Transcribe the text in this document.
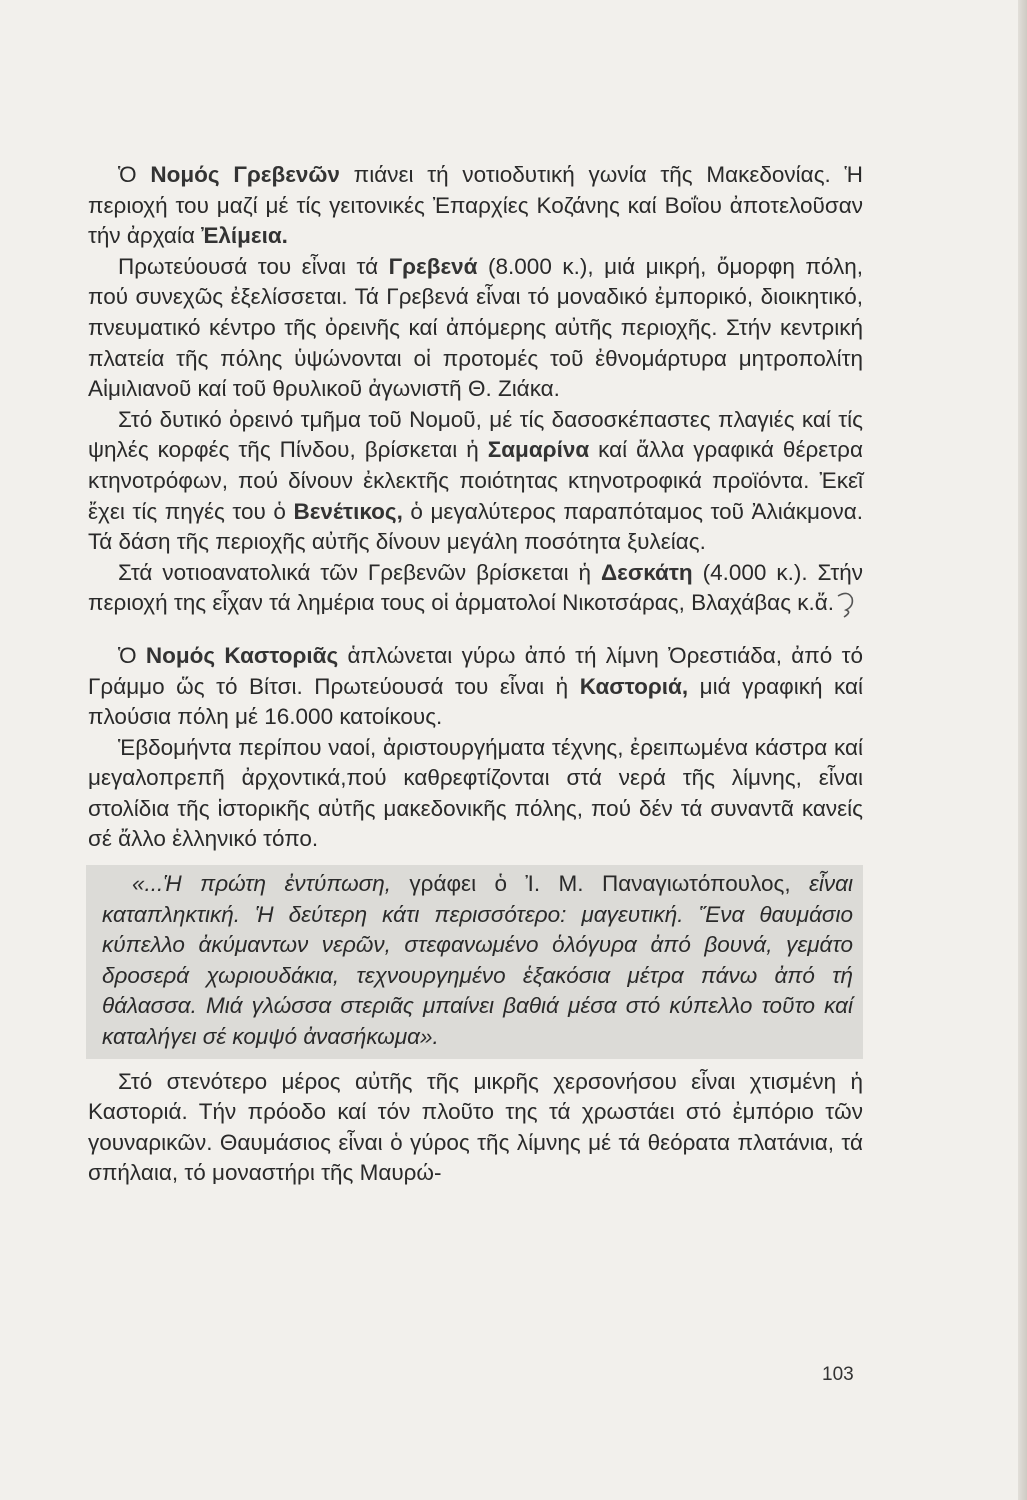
Ὁ Νομός Γρεβενῶν πιάνει τή νοτιοδυτική γωνία τῆς Μακεδονίας. Ἡ περιοχή του μαζί μέ τίς γειτονικές Ἐπαρχίες Κοζάνης καί Βοΐου ἀποτελοῦσαν τήν ἀρχαία Ἐλίμεια.

Πρωτεύουσά του εἶναι τά Γρεβενά (8.000 κ.), μιά μικρή, ὄμορφη πόλη, πού συνεχῶς ἐξελίσσεται. Τά Γρεβενά εἶναι τό μοναδικό ἐμπορικό, διοικητικό, πνευματικό κέντρο τῆς ὀρεινῆς καί ἀπόμερης αὐτῆς περιοχῆς. Στήν κεντρική πλατεία τῆς πόλης ὑψώνονται οἱ προτομές τοῦ ἐθνομάρτυρα μητροπολίτη Αἰμιλιανοῦ καί τοῦ θρυλικοῦ ἀγωνιστῆ Θ. Ζιάκα.

Στό δυτικό ὀρεινό τμῆμα τοῦ Νομοῦ, μέ τίς δασοσκέπαστες πλαγιές καί τίς ψηλές κορφές τῆς Πίνδου, βρίσκεται ἡ Σαμαρίνα καί ἄλλα γραφικά θέρετρα κτηνοτρόφων, πού δίνουν ἐκλεκτῆς ποιότητας κτηνοτροφικά προϊόντα. Ἐκεῖ ἔχει τίς πηγές του ὁ Βενέτικος, ὁ μεγαλύτερος παραπόταμος τοῦ Ἀλιάκμονα. Τά δάση τῆς περιοχῆς αὐτῆς δίνουν μεγάλη ποσότητα ξυλείας.

Στά νοτιοανατολικά τῶν Γρεβενῶν βρίσκεται ἡ Δεσκάτη (4.000 κ.). Στήν περιοχή της εἶχαν τά λημέρια τους οἱ ἁρματολοί Νικοτσάρας, Βλαχάβας κ.ἄ.

Ὁ Νομός Καστοριᾶς ἁπλώνεται γύρω ἀπό τή λίμνη Ὀρεστιάδα, ἀπό τό Γράμμο ὥς τό Βίτσι. Πρωτεύουσά του εἶναι ἡ Καστοριά, μιά γραφική καί πλούσια πόλη μέ 16.000 κατοίκους.

Ἑβδομήντα περίπου ναοί, ἀριστουργήματα τέχνης, ἐρειπωμένα κάστρα καί μεγαλοπρεπῆ ἀρχοντικά,πού καθρεφτίζονται στά νερά τῆς λίμνης, εἶναι στολίδια τῆς ἱστορικῆς αὐτῆς μακεδονικῆς πόλης, πού δέν τά συναντᾶ κανείς σέ ἄλλο ἑλληνικό τόπο.

«...Ἡ πρώτη ἐντύπωση, γράφει ὁ Ἰ. Μ. Παναγιωτόπουλος, εἶναι καταπληκτική. Ἡ δεύτερη κάτι περισσότερο: μαγευτική. Ἕνα θαυμάσιο κύπελλο ἀκύμαντων νερῶν, στεφανωμένο ὁλόγυρα ἀπό βουνά, γεμάτο δροσερά χωριουδάκια, τεχνουργημένο ἑξακόσια μέτρα πάνω ἀπό τή θάλασσα. Μιά γλώσσα στεριᾶς μπαίνει βαθιά μέσα στό κύπελλο τοῦτο καί καταλήγει σέ κομψό ἀνασήκωμα».

Στό στενότερο μέρος αὐτῆς τῆς μικρῆς χερσονήσου εἶναι χτισμένη ἡ Καστοριά. Τήν πρόοδο καί τόν πλοῦτο της τά χρωστάει στό ἐμπόριο τῶν γουναρικῶν. Θαυμάσιος εἶναι ὁ γύρος τῆς λίμνης μέ τά θεόρατα πλατάνια, τά σπήλαια, τό μοναστήρι τῆς Μαυρώ-

103
